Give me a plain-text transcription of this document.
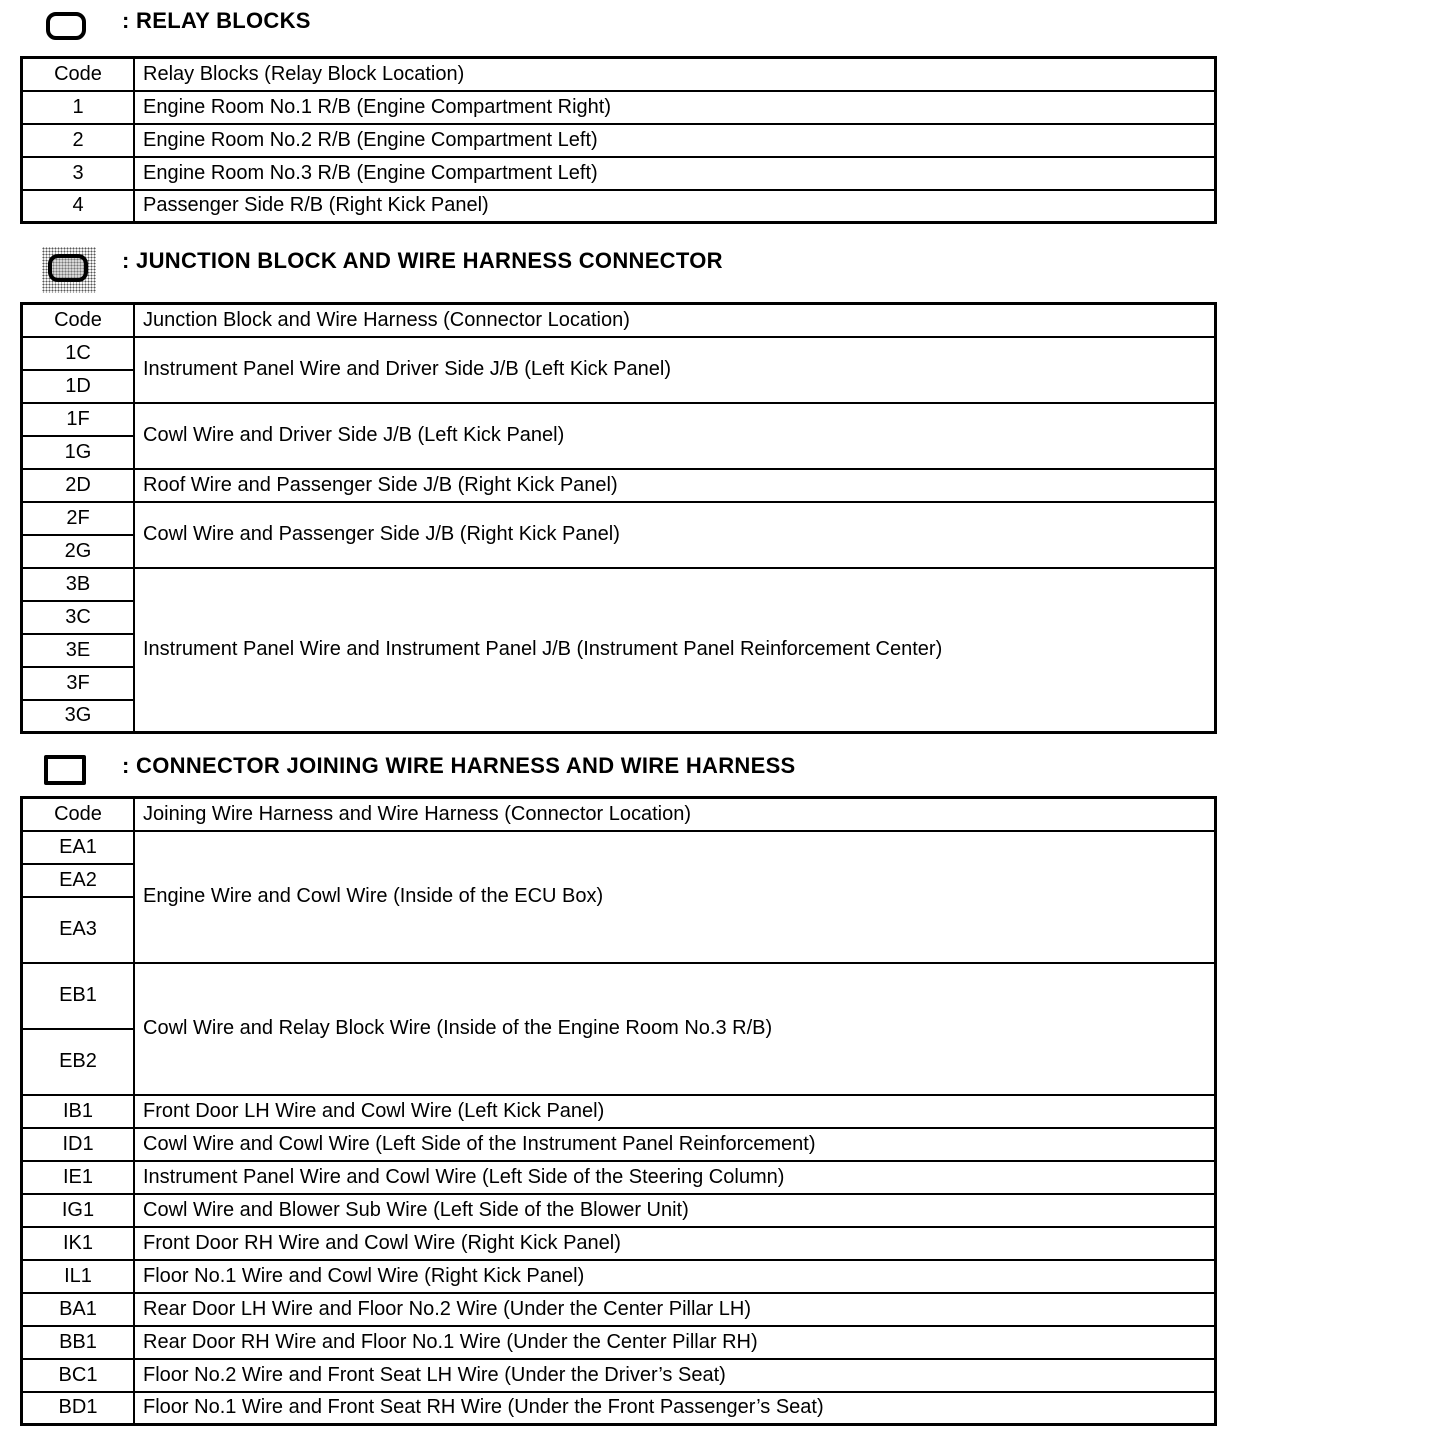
: RELAY BLOCKS
Code	Relay Blocks (Relay Block Location)
1	Engine Room No.1 R/B (Engine Compartment Right)
2	Engine Room No.2 R/B (Engine Compartment Left)
3	Engine Room No.3 R/B (Engine Compartment Left)
4	Passenger Side R/B (Right Kick Panel)
: JUNCTION BLOCK AND WIRE HARNESS CONNECTOR
Code	Junction Block and Wire Harness (Connector Location)
1C	Instrument Panel Wire and Driver Side J/B (Left Kick Panel)
1D	
1F	Cowl Wire and Driver Side J/B (Left Kick Panel)
1G	
2D	Roof Wire and Passenger Side J/B (Right Kick Panel)
2F	Cowl Wire and Passenger Side J/B (Right Kick Panel)
2G	
3B	Instrument Panel Wire and Instrument Panel J/B (Instrument Panel Reinforcement Center)
3C	
3E	
3F	
3G	
: CONNECTOR JOINING WIRE HARNESS AND WIRE HARNESS
Code	Joining Wire Harness and Wire Harness (Connector Location)
EA1	Engine Wire and Cowl Wire (Inside of the ECU Box)
EA2	
EA3	
EB1	Cowl Wire and Relay Block Wire (Inside of the Engine Room No.3 R/B)
EB2	
IB1	Front Door LH Wire and Cowl Wire (Left Kick Panel)
ID1	Cowl Wire and Cowl Wire (Left Side of the Instrument Panel Reinforcement)
IE1	Instrument Panel Wire and Cowl Wire (Left Side of the Steering Column)
IG1	Cowl Wire and Blower Sub Wire (Left Side of the Blower Unit)
IK1	Front Door RH Wire and Cowl Wire (Right Kick Panel)
IL1	Floor No.1 Wire and Cowl Wire (Right Kick Panel)
BA1	Rear Door LH Wire and Floor No.2 Wire (Under the Center Pillar LH)
BB1	Rear Door RH Wire and Floor No.1 Wire (Under the Center Pillar RH)
BC1	Floor No.2 Wire and Front Seat LH Wire (Under the Driver’s Seat)
BD1	Floor No.1 Wire and Front Seat RH Wire (Under the Front Passenger’s Seat)
